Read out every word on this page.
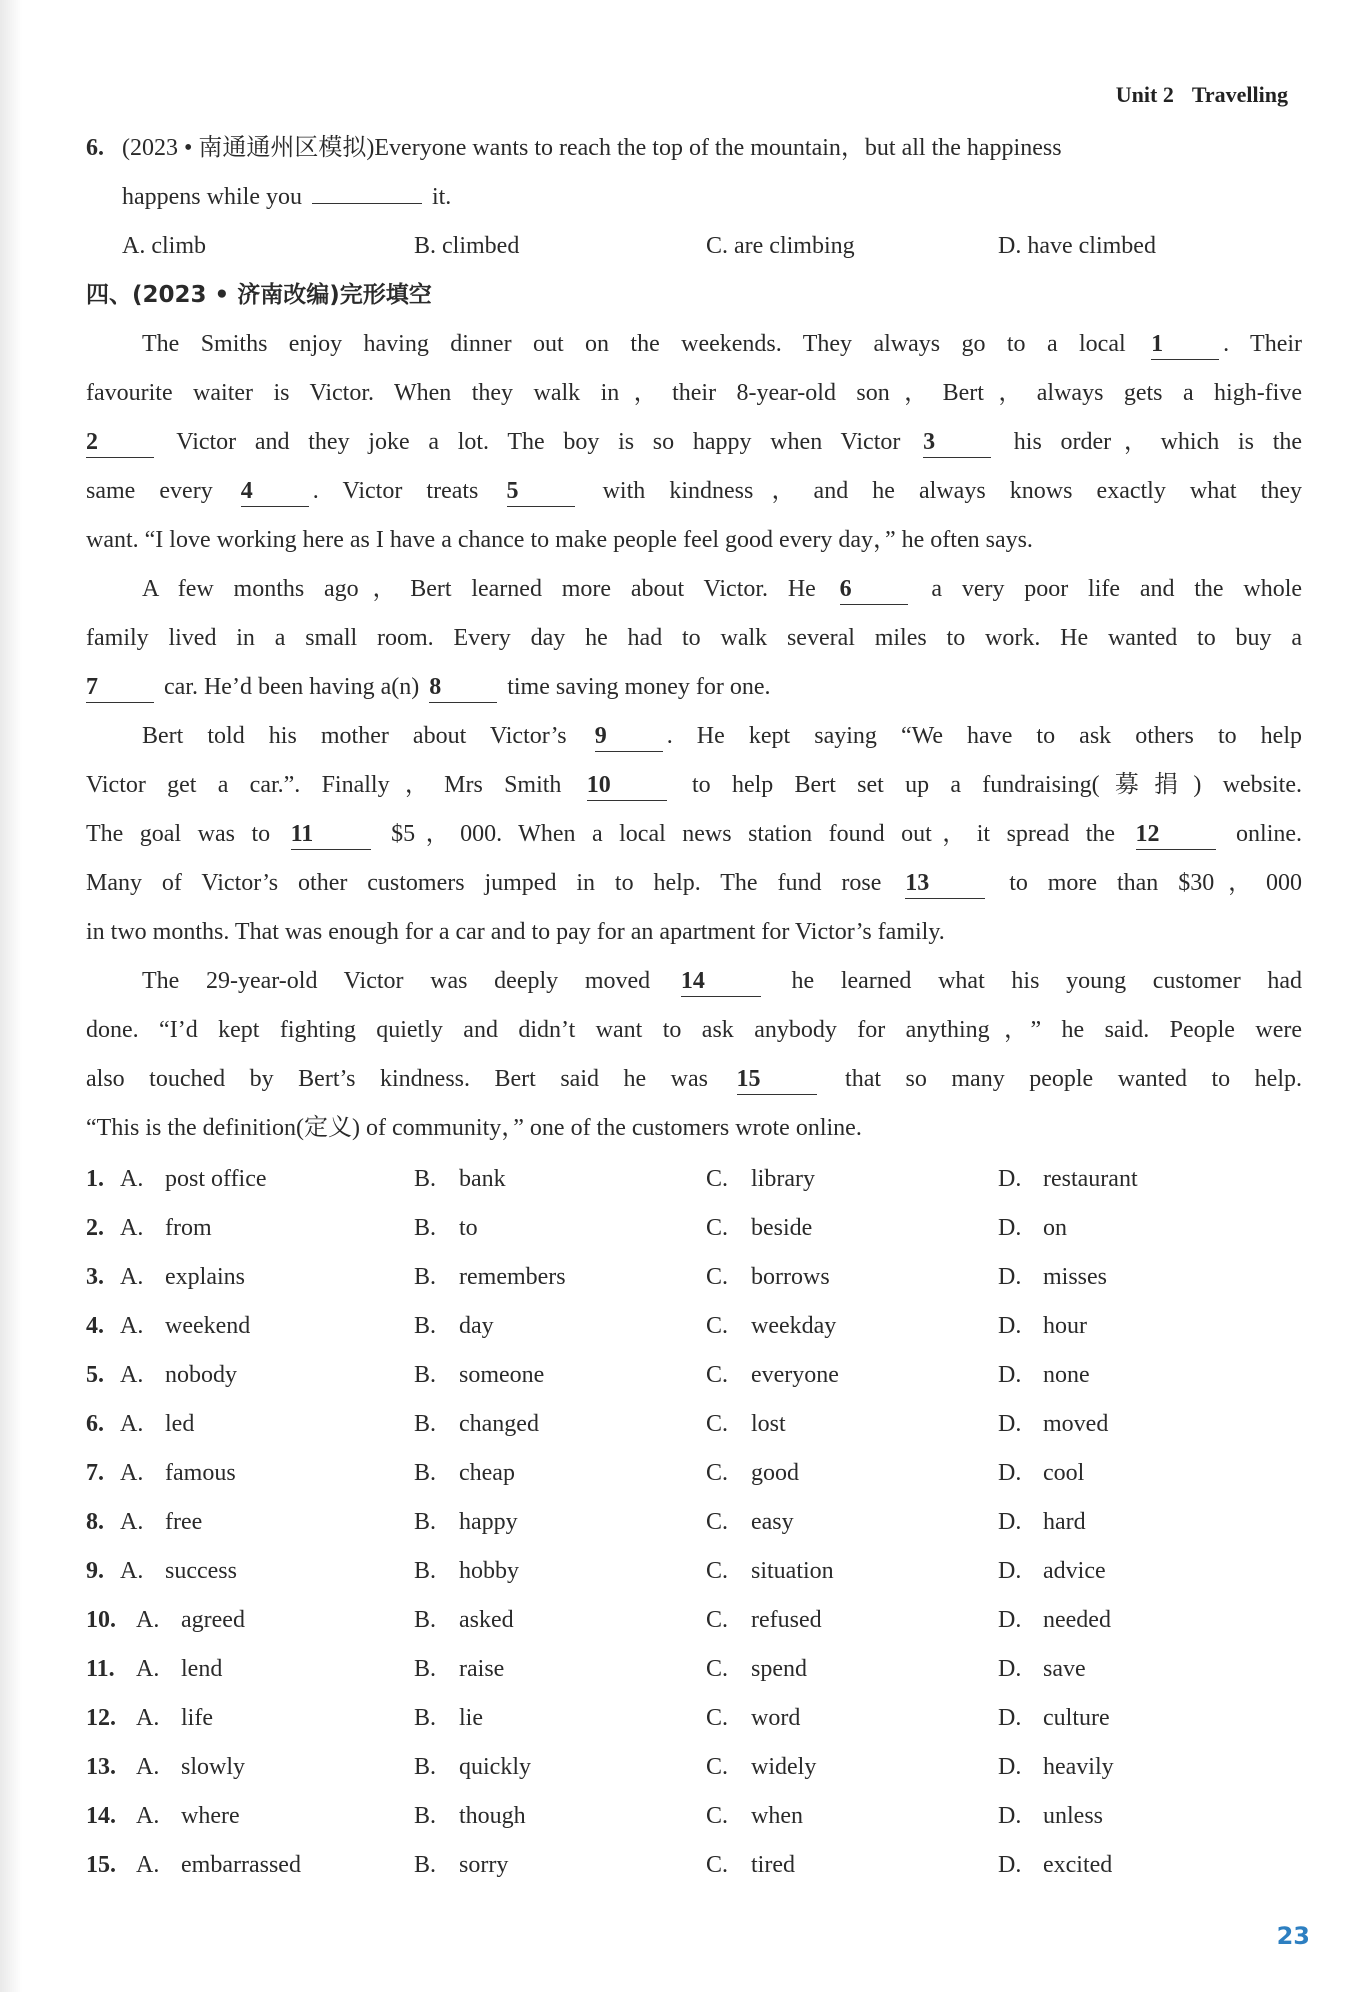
Unit 2 Travelling
6. (2023 • 南通通州区模拟)Everyone wants to reach the top of the mountain，but all the happiness
happens while you	it.
A. climb	B. climbed	C. are climbing	D. have climbed
四、(2023 • 济南改编)完形填空
The Smiths enjoy having dinner out on the weekends. They always go to a local 1	. Their
favourite waiter is Victor. When they walk in，their 8-year-old son，Bert，always gets a high-five
2	Victor and they joke a lot. The boy is so happy when Victor 3	his order，which is the
same every 4	. Victor treats 5	with kindness，and he always knows exactly what they
want. “I love working here as I have a chance to make people feel good every day，” he often says.
A few months ago，Bert learned more about Victor. He 6	a very poor life and the whole
family lived in a small room. Every day he had to walk several miles to work. He wanted to buy a
7	car. He’d been having a(n) 8	time saving money for one.
Bert told his mother about Victor’s 9	. He kept saying “We have to ask others to help
Victor get a car.”. Finally，Mrs Smith 10	to help Bert set up a fundraising(募捐) website.
The goal was to 11	$5，000. When a local news station found out，it spread the 12	online.
Many of Victor’s other customers jumped in to help. The fund rose 13	to more than $30，000
in two months. That was enough for a car and to pay for an apartment for Victor’s family.
The 29-year-old Victor was deeply moved 14	he learned what his young customer had
done. “I’d kept fighting quietly and didn’t want to ask anybody for anything，” he said. People were
also touched by Bert’s kindness. Bert said he was 15	that so many people wanted to help.
“This is the definition(定义) of community，” one of the customers wrote online.
1. A. post office	B. bank	C. library	D. restaurant
2. A. from	B. to	C. beside	D. on
3. A. explains	B. remembers	C. borrows	D. misses
4. A. weekend	B. day	C. weekday	D. hour
5. A. nobody	B. someone	C. everyone	D. none
6. A. led	B. changed	C. lost	D. moved
7. A. famous	B. cheap	C. good	D. cool
8. A. free	B. happy	C. easy	D. hard
9. A. success	B. hobby	C. situation	D. advice
10. A. agreed	B. asked	C. refused	D. needed
11. A. lend	B. raise	C. spend	D. save
12. A. life	B. lie	C. word	D. culture
13. A. slowly	B. quickly	C. widely	D. heavily
14. A. where	B. though	C. when	D. unless
15. A. embarrassed	B. sorry	C. tired	D. excited
23
